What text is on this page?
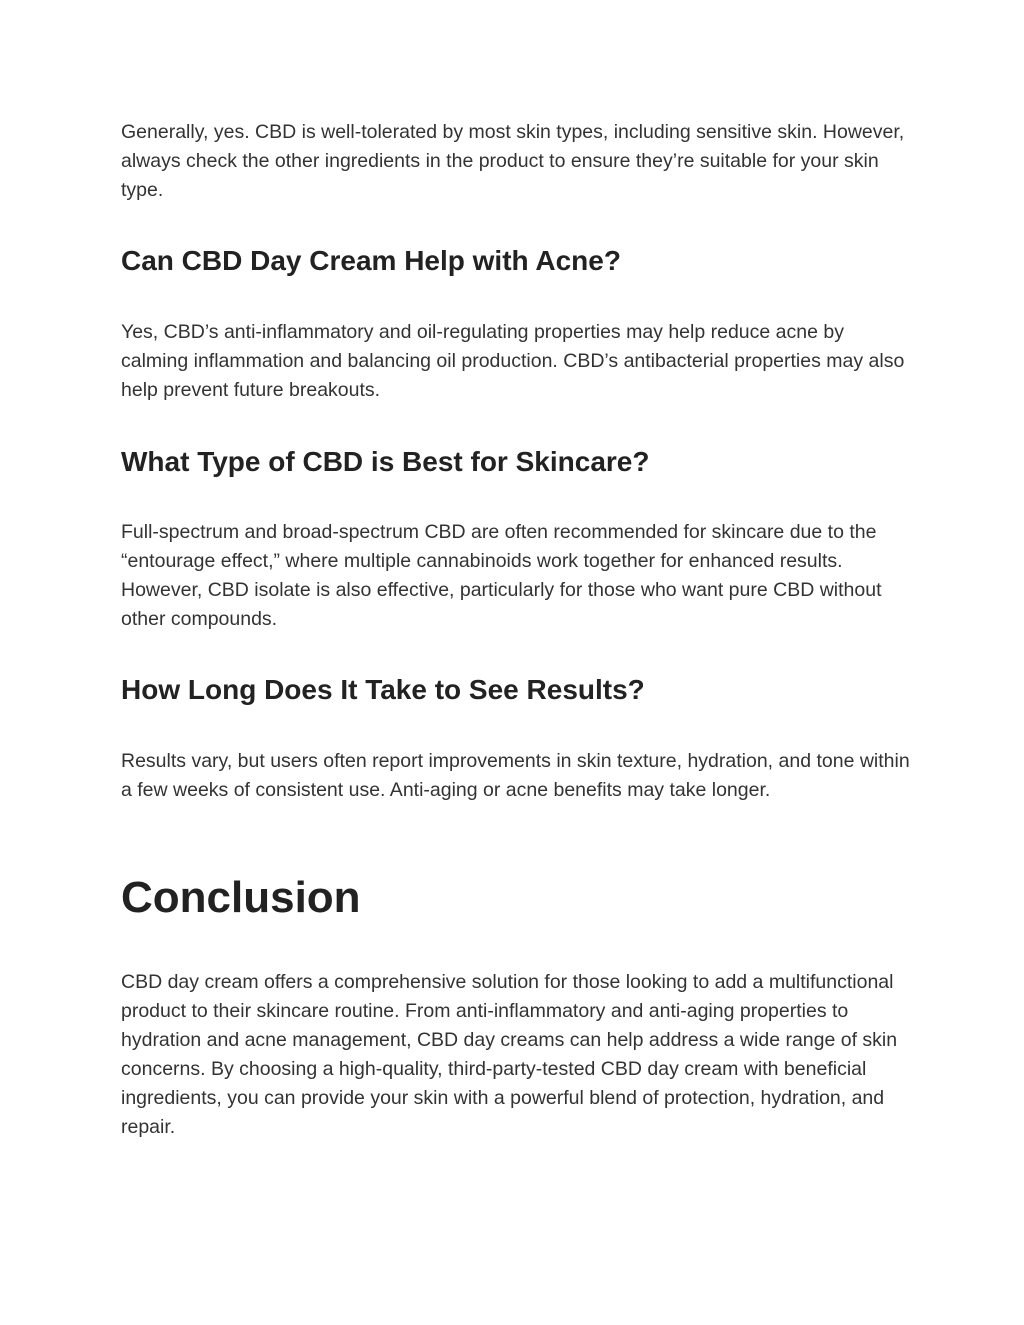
Generally, yes. CBD is well-tolerated by most skin types, including sensitive skin. However, always check the other ingredients in the product to ensure they’re suitable for your skin type.

Can CBD Day Cream Help with Acne?

Yes, CBD’s anti-inflammatory and oil-regulating properties may help reduce acne by calming inflammation and balancing oil production. CBD’s antibacterial properties may also help prevent future breakouts.

What Type of CBD is Best for Skincare?

Full-spectrum and broad-spectrum CBD are often recommended for skincare due to the “entourage effect,” where multiple cannabinoids work together for enhanced results. However, CBD isolate is also effective, particularly for those who want pure CBD without other compounds.

How Long Does It Take to See Results?

Results vary, but users often report improvements in skin texture, hydration, and tone within a few weeks of consistent use. Anti-aging or acne benefits may take longer.

Conclusion

CBD day cream offers a comprehensive solution for those looking to add a multifunctional product to their skincare routine. From anti-inflammatory and anti-aging properties to hydration and acne management, CBD day creams can help address a wide range of skin concerns. By choosing a high-quality, third-party-tested CBD day cream with beneficial ingredients, you can provide your skin with a powerful blend of protection, hydration, and repair.
